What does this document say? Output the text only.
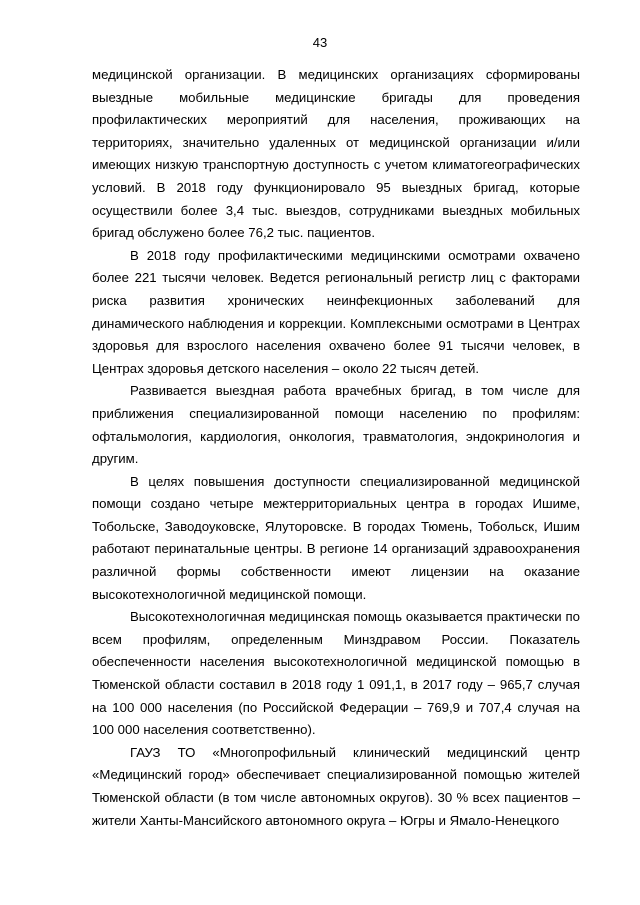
43

медицинской организации. В медицинских организациях сформированы выездные мобильные медицинские бригады для проведения профилактических мероприятий для населения, проживающих на территориях, значительно удаленных от медицинской организации и/или имеющих низкую транспортную доступность с учетом климатогеографических условий. В 2018 году функционировало 95 выездных бригад, которые осуществили более 3,4 тыс. выездов, сотрудниками выездных мобильных бригад обслужено более 76,2 тыс. пациентов.

В 2018 году профилактическими медицинскими осмотрами охвачено более 221 тысячи человек. Ведется региональный регистр лиц с факторами риска развития хронических неинфекционных заболеваний для динамического наблюдения и коррекции. Комплексными осмотрами в Центрах здоровья для взрослого населения охвачено более 91 тысячи человек, в Центрах здоровья детского населения – около 22 тысяч детей.

Развивается выездная работа врачебных бригад, в том числе для приближения специализированной помощи населению по профилям: офтальмология, кардиология, онкология, травматология, эндокринология и другим.

В целях повышения доступности специализированной медицинской помощи создано четыре межтерриториальных центра в городах Ишиме, Тобольске, Заводоуковске, Ялуторовске. В городах Тюмень, Тобольск, Ишим работают перинатальные центры. В регионе 14 организаций здравоохранения различной формы собственности имеют лицензии на оказание высокотехнологичной медицинской помощи.

Высокотехнологичная медицинская помощь оказывается практически по всем профилям, определенным Минздравом России. Показатель обеспеченности населения высокотехнологичной медицинской помощью в Тюменской области составил в 2018 году 1 091,1, в 2017 году – 965,7 случая на 100 000 населения (по Российской Федерации – 769,9 и 707,4 случая на 100 000 населения соответственно).

ГАУЗ ТО «Многопрофильный клинический медицинский центр «Медицинский город» обеспечивает специализированной помощью жителей Тюменской области (в том числе автономных округов). 30 % всех пациентов – жители Ханты-Мансийского автономного округа – Югры и Ямало-Ненецкого
